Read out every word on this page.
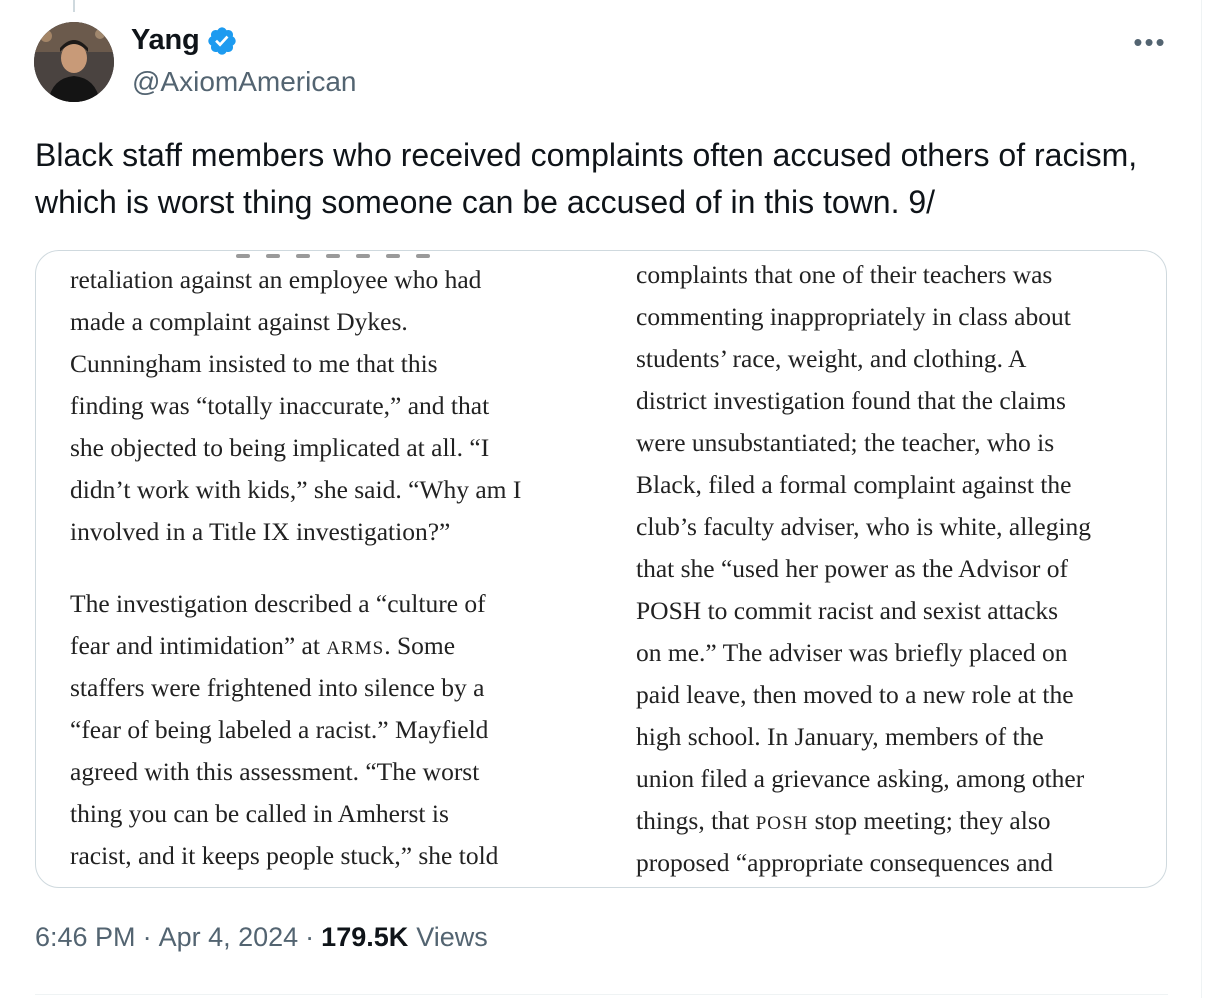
Yang
@AxiomAmerican
•••
Black staff members who received complaints often accused others of racism, which is worst thing someone can be accused of in this town. 9/
retaliation against an employee who had
made a complaint against Dykes.
Cunningham insisted to me that this
finding was “totally inaccurate,” and that
she objected to being implicated at all. “I
didn’t work with kids,” she said. “Why am I
involved in a Title IX investigation?”
The investigation described a “culture of
fear and intimidation” at ARMS. Some
staffers were frightened into silence by a
“fear of being labeled a racist.” Mayfield
agreed with this assessment. “The worst
thing you can be called in Amherst is
racist, and it keeps people stuck,” she told
complaints that one of their teachers was
commenting inappropriately in class about
students’ race, weight, and clothing. A
district investigation found that the claims
were unsubstantiated; the teacher, who is
Black, filed a formal complaint against the
club’s faculty adviser, who is white, alleging
that she “used her power as the Advisor of
POSH to commit racist and sexist attacks
on me.” The adviser was briefly placed on
paid leave, then moved to a new role at the
high school. In January, members of the
union filed a grievance asking, among other
things, that POSH stop meeting; they also
proposed “appropriate consequences and
6:46 PM · Apr 4, 2024 · 179.5K Views
